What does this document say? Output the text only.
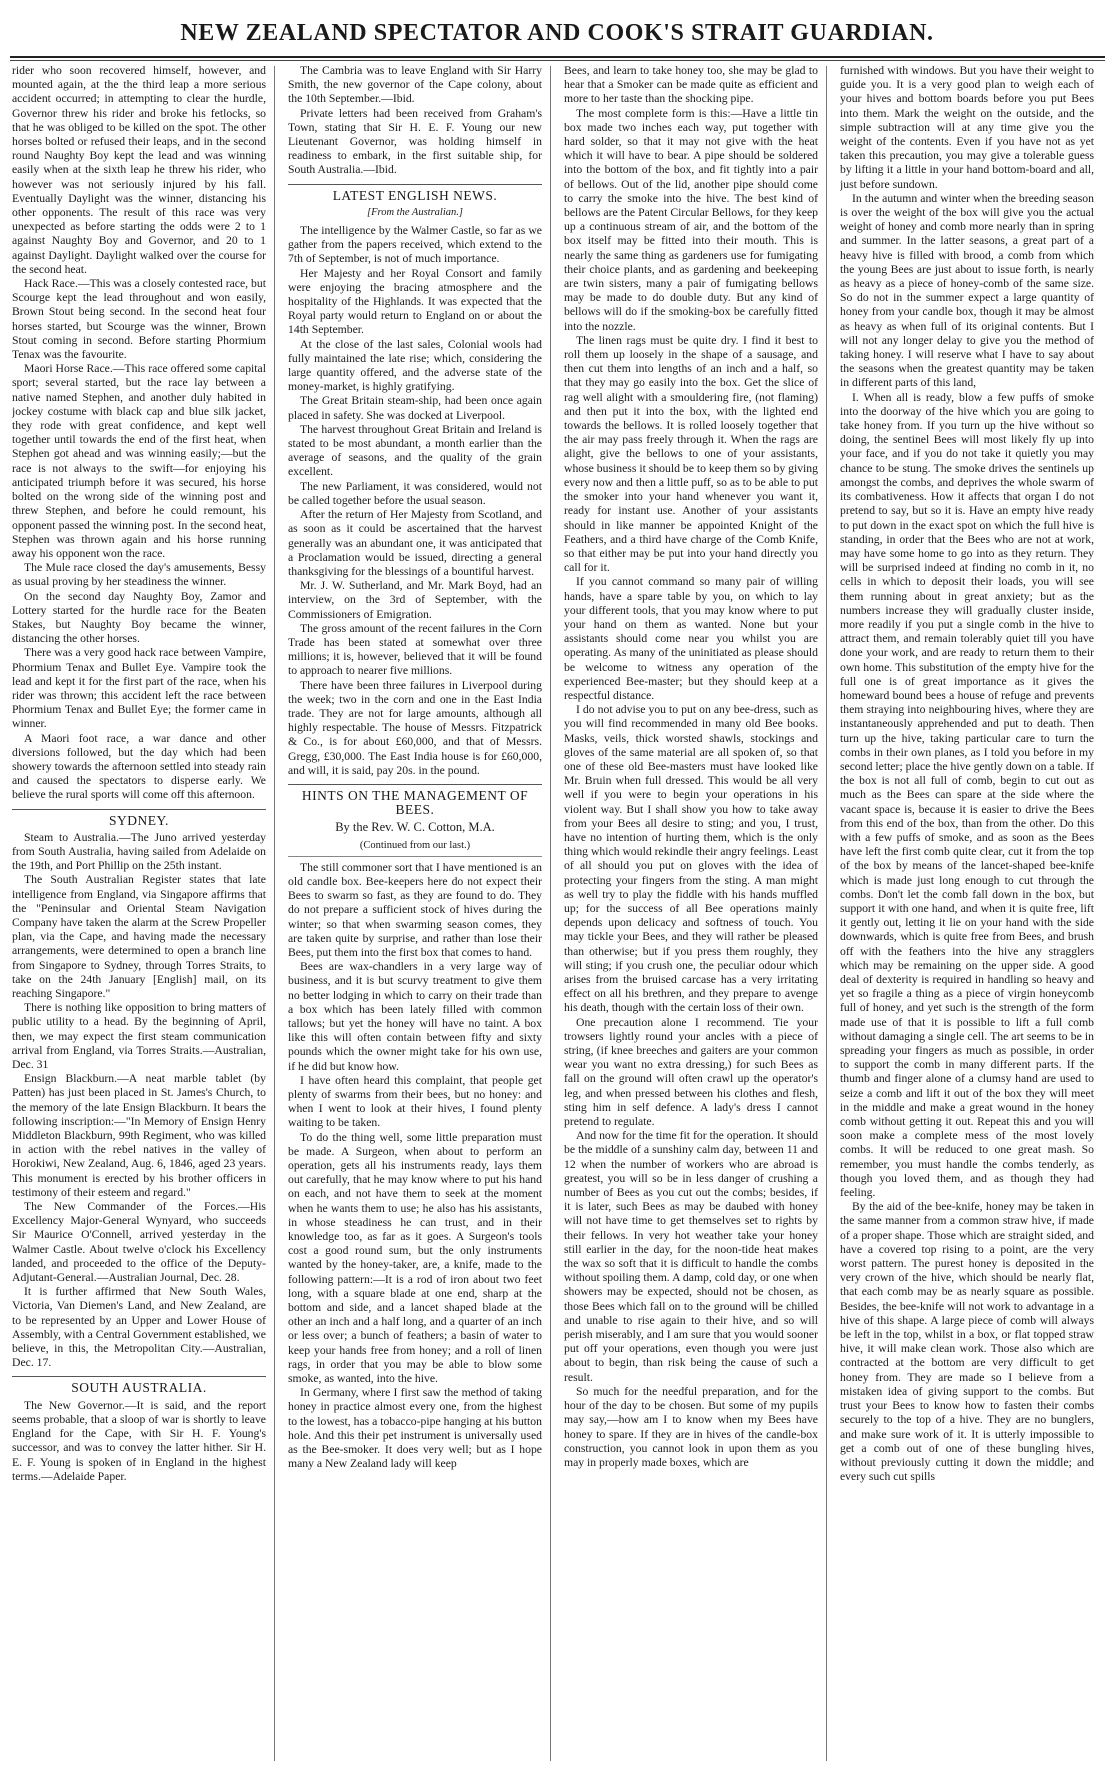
NEW ZEALAND SPECTATOR AND COOK'S STRAIT GUARDIAN.

rider who soon recovered himself, however, and mounted again, at the the third leap a more serious accident occurred; in attempting to clear the hurdle, Governor threw his rider and broke his fetlocks, so that he was obliged to be killed on the spot. The other horses bolted or refused their leaps, and in the second round Naughty Boy kept the lead and was winning easily when at the sixth leap he threw his rider, who however was not seriously injured by his fall. Eventually Daylight was the winner, distancing his other opponents. The result of this race was very unexpected as before starting the odds were 2 to 1 against Naughty Boy and Governor, and 20 to 1 against Daylight. Daylight walked over the course for the second heat.

Hack Race.—This was a closely contested race, but Scourge kept the lead throughout and won easily, Brown Stout being second. In the second heat four horses started, but Scourge was the winner, Brown Stout coming in second. Before starting Phormium Tenax was the favourite.

Maori Horse Race.—This race offered some capital sport; several started, but the race lay between a native named Stephen, and another duly habited in jockey costume with black cap and blue silk jacket, they rode with great confidence, and kept well together until towards the end of the first heat, when Stephen got ahead and was winning easily;—but the race is not always to the swift—for enjoying his anticipated triumph before it was secured, his horse bolted on the wrong side of the winning post and threw Stephen, and before he could remount, his opponent passed the winning post. In the second heat, Stephen was thrown again and his horse running away his opponent won the race.

The Mule race closed the day's amusements, Bessy as usual proving by her steadiness the winner.

On the second day Naughty Boy, Zamor and Lottery started for the hurdle race for the Beaten Stakes, but Naughty Boy became the winner, distancing the other horses.

There was a very good hack race between Vampire, Phormium Tenax and Bullet Eye. Vampire took the lead and kept it for the first part of the race, when his rider was thrown; this accident left the race between Phormium Tenax and Bullet Eye; the former came in winner.

A Maori foot race, a war dance and other diversions followed, but the day which had been showery towards the afternoon settled into steady rain and caused the spectators to disperse early. We believe the rural sports will come off this afternoon.

SYDNEY.

Steam to Australia.—The Juno arrived yesterday from South Australia, having sailed from Adelaide on the 19th, and Port Phillip on the 25th instant.

The South Australian Register states that late intelligence from England, via Singapore affirms that the "Peninsular and Oriental Steam Navigation Company have taken the alarm at the Screw Propeller plan, via the Cape, and having made the necessary arrangements, were determined to open a branch line from Singapore to Sydney, through Torres Straits, to take on the 24th January [English] mail, on its reaching Singapore."

There is nothing like opposition to bring matters of public utility to a head. By the beginning of April, then, we may expect the first steam communication arrival from England, via Torres Straits.—Australian, Dec. 31

Ensign Blackburn.—A neat marble tablet (by Patten) has just been placed in St. James's Church, to the memory of the late Ensign Blackburn. It bears the following inscription:—"In Memory of Ensign Henry Middleton Blackburn, 99th Regiment, who was killed in action with the rebel natives in the valley of Horokiwi, New Zealand, Aug. 6, 1846, aged 23 years. This monument is erected by his brother officers in testimony of their esteem and regard."

The New Commander of the Forces.—His Excellency Major-General Wynyard, who succeeds Sir Maurice O'Connell, arrived yesterday in the Walmer Castle. About twelve o'clock his Excellency landed, and proceeded to the office of the Deputy-Adjutant-General.—Australian Journal, Dec. 28.

It is further affirmed that New South Wales, Victoria, Van Diemen's Land, and New Zealand, are to be represented by an Upper and Lower House of Assembly, with a Central Government established, we believe, in this, the Metropolitan City.—Australian, Dec. 17.

SOUTH AUSTRALIA.

The New Governor.—It is said, and the report seems probable, that a sloop of war is shortly to leave England for the Cape, with Sir H. F. Young's successor, and was to convey the latter hither. Sir H. E. F. Young is spoken of in England in the highest terms.—Adelaide Paper.

The Cambria was to leave England with Sir Harry Smith, the new governor of the Cape colony, about the 10th September.—Ibid.

Private letters had been received from Graham's Town, stating that Sir H. E. F. Young our new Lieutenant Governor, was holding himself in readiness to embark, in the first suitable ship, for South Australia.—Ibid.

LATEST ENGLISH NEWS.
[From the Australian.]

The intelligence by the Walmer Castle, so far as we gather from the papers received, which extend to the 7th of September, is not of much importance.

Her Majesty and her Royal Consort and family were enjoying the bracing atmosphere and the hospitality of the Highlands. It was expected that the Royal party would return to England on or about the 14th September.

At the close of the last sales, Colonial wools had fully maintained the late rise; which, considering the large quantity offered, and the adverse state of the money-market, is highly gratifying.

The Great Britain steam-ship, had been once again placed in safety. She was docked at Liverpool.

The harvest throughout Great Britain and Ireland is stated to be most abundant, a month earlier than the average of seasons, and the quality of the grain excellent.

The new Parliament, it was considered, would not be called together before the usual season.

After the return of Her Majesty from Scotland, and as soon as it could be ascertained that the harvest generally was an abundant one, it was anticipated that a Proclamation would be issued, directing a general thanksgiving for the blessings of a bountiful harvest.

Mr. J. W. Sutherland, and Mr. Mark Boyd, had an interview, on the 3rd of September, with the Commissioners of Emigration.

The gross amount of the recent failures in the Corn Trade has been stated at somewhat over three millions; it is, however, believed that it will be found to approach to nearer five millions.

There have been three failures in Liverpool during the week; two in the corn and one in the East India trade. They are not for large amounts, although all highly respectable. The house of Messrs. Fitzpatrick & Co., is for about £60,000, and that of Messrs. Gregg, £30,000. The East India house is for £60,000, and will, it is said, pay 20s. in the pound.

HINTS ON THE MANAGEMENT OF BEES.
By the Rev. W. C. Cotton, M.A.
(Continued from our last.)

The still commoner sort that I have mentioned is an old candle box. Bee-keepers here do not expect their Bees to swarm so fast, as they are found to do. They do not prepare a sufficient stock of hives during the winter; so that when swarming season comes, they are taken quite by surprise, and rather than lose their Bees, put them into the first box that comes to hand.

Bees are wax-chandlers in a very large way of business, and it is but scurvy treatment to give them no better lodging in which to carry on their trade than a box which has been lately filled with common tallows; but yet the honey will have no taint. A box like this will often contain between fifty and sixty pounds which the owner might take for his own use, if he did but know how.

I have often heard this complaint, that people get plenty of swarms from their bees, but no honey: and when I went to look at their hives, I found plenty waiting to be taken.

To do the thing well, some little preparation must be made. A Surgeon, when about to perform an operation, gets all his instruments ready, lays them out carefully, that he may know where to put his hand on each, and not have them to seek at the moment when he wants them to use; he also has his assistants, in whose steadiness he can trust, and in their knowledge too, as far as it goes. A Surgeon's tools cost a good round sum, but the only instruments wanted by the honey-taker, are, a knife, made to the following pattern:—It is a rod of iron about two feet long, with a square blade at one end, sharp at the bottom and side, and a lancet shaped blade at the other an inch and a half long, and a quarter of an inch or less over; a bunch of feathers; a basin of water to keep your hands free from honey; and a roll of linen rags, in order that you may be able to blow some smoke, as wanted, into the hive.

In Germany, where I first saw the method of taking honey in practice almost every one, from the highest to the lowest, has a tobacco-pipe hanging at his button hole. And this their pet instrument is universally used as the Bee-smoker. It does very well; but as I hope many a New Zealand lady will keep

Bees, and learn to take honey too, she may be glad to hear that a Smoker can be made quite as efficient and more to her taste than the shocking pipe.

The most complete form is this:—Have a little tin box made two inches each way, put together with hard solder, so that it may not give with the heat which it will have to bear. A pipe should be soldered into the bottom of the box, and fit tightly into a pair of bellows. Out of the lid, another pipe should come to carry the smoke into the hive. The best kind of bellows are the Patent Circular Bellows, for they keep up a continuous stream of air, and the bottom of the box itself may be fitted into their mouth. This is nearly the same thing as gardeners use for fumigating their choice plants, and as gardening and beekeeping are twin sisters, many a pair of fumigating bellows may be made to do double duty. But any kind of bellows will do if the smoking-box be carefully fitted into the nozzle.

The linen rags must be quite dry. I find it best to roll them up loosely in the shape of a sausage, and then cut them into lengths of an inch and a half, so that they may go easily into the box. Get the slice of rag well alight with a smouldering fire, (not flaming) and then put it into the box, with the lighted end towards the bellows. It is rolled loosely together that the air may pass freely through it. When the rags are alight, give the bellows to one of your assistants, whose business it should be to keep them so by giving every now and then a little puff, so as to be able to put the smoker into your hand whenever you want it, ready for instant use. Another of your assistants should in like manner be appointed Knight of the Feathers, and a third have charge of the Comb Knife, so that either may be put into your hand directly you call for it.

If you cannot command so many pair of willing hands, have a spare table by you, on which to lay your different tools, that you may know where to put your hand on them as wanted. None but your assistants should come near you whilst you are operating. As many of the uninitiated as please should be welcome to witness any operation of the experienced Bee-master; but they should keep at a respectful distance.

I do not advise you to put on any bee-dress, such as you will find recommended in many old Bee books. Masks, veils, thick worsted shawls, stockings and gloves of the same material are all spoken of, so that one of these old Bee-masters must have looked like Mr. Bruin when full dressed. This would be all very well if you were to begin your operations in his violent way. But I shall show you how to take away from your Bees all desire to sting; and you, I trust, have no intention of hurting them, which is the only thing which would rekindle their angry feelings. Least of all should you put on gloves with the idea of protecting your fingers from the sting. A man might as well try to play the fiddle with his hands muffled up; for the success of all Bee operations mainly depends upon delicacy and softness of touch. You may tickle your Bees, and they will rather be pleased than otherwise; but if you press them roughly, they will sting; if you crush one, the peculiar odour which arises from the bruised carcase has a very irritating effect on all his brethren, and they prepare to avenge his death, though with the certain loss of their own.

One precaution alone I recommend. Tie your trowsers lightly round your ancles with a piece of string, (if knee breeches and gaiters are your common wear you want no extra dressing,) for such Bees as fall on the ground will often crawl up the operator's leg, and when pressed between his clothes and flesh, sting him in self defence. A lady's dress I cannot pretend to regulate.

And now for the time fit for the operation. It should be the middle of a sunshiny calm day, between 11 and 12 when the number of workers who are abroad is greatest, you will so be in less danger of crushing a number of Bees as you cut out the combs; besides, if it is later, such Bees as may be daubed with honey will not have time to get themselves set to rights by their fellows. In very hot weather take your honey still earlier in the day, for the noon-tide heat makes the wax so soft that it is difficult to handle the combs without spoiling them. A damp, cold day, or one when showers may be expected, should not be chosen, as those Bees which fall on to the ground will be chilled and unable to rise again to their hive, and so will perish miserably, and I am sure that you would sooner put off your operations, even though you were just about to begin, than risk being the cause of such a result.

So much for the needful preparation, and for the hour of the day to be chosen. But some of my pupils may say,—how am I to know when my Bees have honey to spare. If they are in hives of the candle-box construction, you cannot look in upon them as you may in properly made boxes, which are

furnished with windows. But you have their weight to guide you. It is a very good plan to weigh each of your hives and bottom boards before you put Bees into them. Mark the weight on the outside, and the simple subtraction will at any time give you the weight of the contents. Even if you have not as yet taken this precaution, you may give a tolerable guess by lifting it a little in your hand bottom-board and all, just before sundown.

In the autumn and winter when the breeding season is over the weight of the box will give you the actual weight of honey and comb more nearly than in spring and summer. In the latter seasons, a great part of a heavy hive is filled with brood, a comb from which the young Bees are just about to issue forth, is nearly as heavy as a piece of honey-comb of the same size. So do not in the summer expect a large quantity of honey from your candle box, though it may be almost as heavy as when full of its original contents. But I will not any longer delay to give you the method of taking honey. I will reserve what I have to say about the seasons when the greatest quantity may be taken in different parts of this land,

I. When all is ready, blow a few puffs of smoke into the doorway of the hive which you are going to take honey from. If you turn up the hive without so doing, the sentinel Bees will most likely fly up into your face, and if you do not take it quietly you may chance to be stung. The smoke drives the sentinels up amongst the combs, and deprives the whole swarm of its combativeness. How it affects that organ I do not pretend to say, but so it is. Have an empty hive ready to put down in the exact spot on which the full hive is standing, in order that the Bees who are not at work, may have some home to go into as they return. They will be surprised indeed at finding no comb in it, no cells in which to deposit their loads, you will see them running about in great anxiety; but as the numbers increase they will gradually cluster inside, more readily if you put a single comb in the hive to attract them, and remain tolerably quiet till you have done your work, and are ready to return them to their own home. This substitution of the empty hive for the full one is of great importance as it gives the homeward bound bees a house of refuge and prevents them straying into neighbouring hives, where they are instantaneously apprehended and put to death. Then turn up the hive, taking particular care to turn the combs in their own planes, as I told you before in my second letter; place the hive gently down on a table. If the box is not all full of comb, begin to cut out as much as the Bees can spare at the side where the vacant space is, because it is easier to drive the Bees from this end of the box, than from the other. Do this with a few puffs of smoke, and as soon as the Bees have left the first comb quite clear, cut it from the top of the box by means of the lancet-shaped bee-knife which is made just long enough to cut through the combs. Don't let the comb fall down in the box, but support it with one hand, and when it is quite free, lift it gently out, letting it lie on your hand with the side downwards, which is quite free from Bees, and brush off with the feathers into the hive any stragglers which may be remaining on the upper side. A good deal of dexterity is required in handling so heavy and yet so fragile a thing as a piece of virgin honeycomb full of honey, and yet such is the strength of the form made use of that it is possible to lift a full comb without damaging a single cell. The art seems to be in spreading your fingers as much as possible, in order to support the comb in many different parts. If the thumb and finger alone of a clumsy hand are used to seize a comb and lift it out of the box they will meet in the middle and make a great wound in the honey comb without getting it out. Repeat this and you will soon make a complete mess of the most lovely combs. It will be reduced to one great mash. So remember, you must handle the combs tenderly, as though you loved them, and as though they had feeling.

By the aid of the bee-knife, honey may be taken in the same manner from a common straw hive, if made of a proper shape. Those which are straight sided, and have a covered top rising to a point, are the very worst pattern. The purest honey is deposited in the very crown of the hive, which should be nearly flat, that each comb may be as nearly square as possible. Besides, the bee-knife will not work to advantage in a hive of this shape. A large piece of comb will always be left in the top, whilst in a box, or flat topped straw hive, it will make clean work. Those also which are contracted at the bottom are very difficult to get honey from. They are made so I believe from a mistaken idea of giving support to the combs. But trust your Bees to know how to fasten their combs securely to the top of a hive. They are no bunglers, and make sure work of it. It is utterly impossible to get a comb out of one of these bungling hives, without previously cutting it down the middle; and every such cut spills
